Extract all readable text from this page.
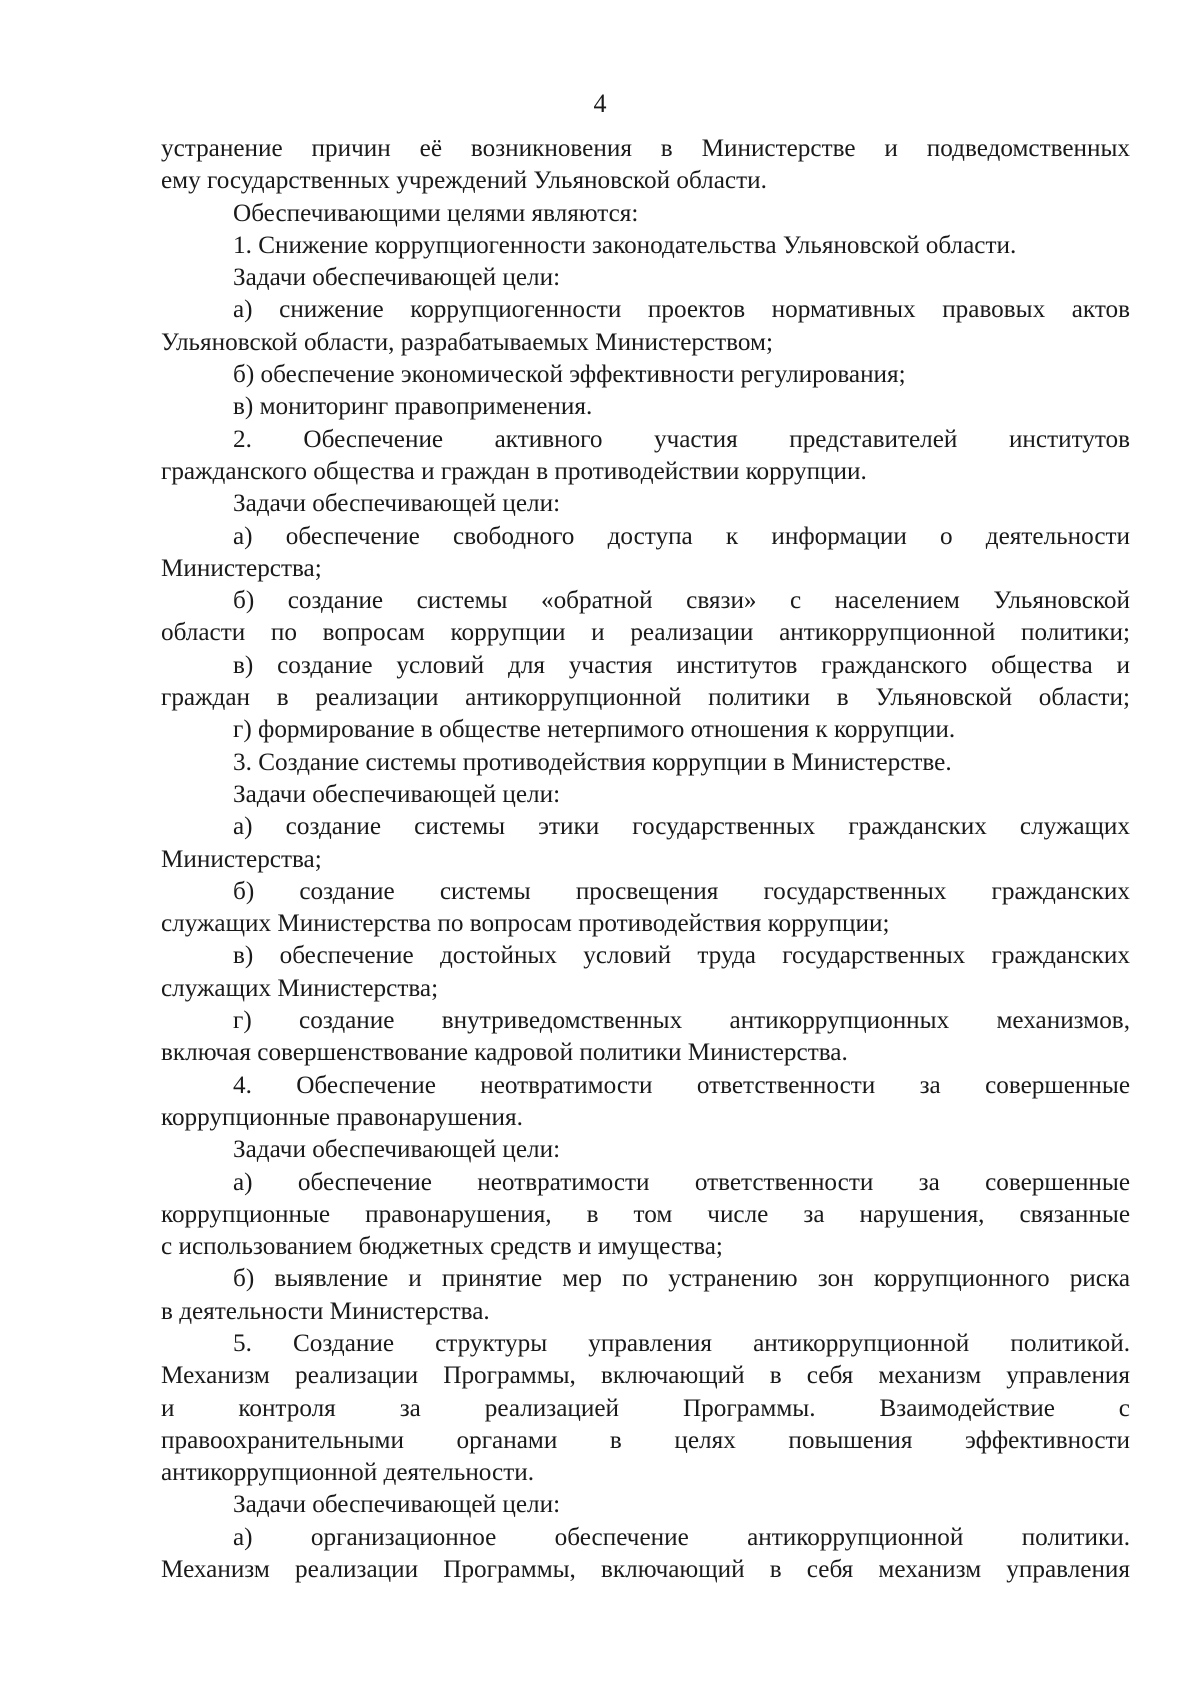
4
устранение причин её возникновения в Министерстве и подведомственных
ему государственных учреждений Ульяновской области.
Обеспечивающими целями являются:
1. Снижение коррупциогенности законодательства Ульяновской области.
Задачи обеспечивающей цели:
а) снижение коррупциогенности проектов нормативных правовых актов
Ульяновской области, разрабатываемых Министерством;
б) обеспечение экономической эффективности регулирования;
в) мониторинг правоприменения.
2. Обеспечение активного участия представителей институтов
гражданского общества и граждан в противодействии коррупции.
Задачи обеспечивающей цели:
а) обеспечение свободного доступа к информации о деятельности
Министерства;
б) создание системы «обратной связи» с населением Ульяновской
области по вопросам коррупции и реализации антикоррупционной политики;
в) создание условий для участия институтов гражданского общества и
граждан в реализации антикоррупционной политики в Ульяновской области;
г) формирование в обществе нетерпимого отношения к коррупции.
3. Создание системы противодействия коррупции в Министерстве.
Задачи обеспечивающей цели:
а) создание системы этики государственных гражданских служащих
Министерства;
б) создание системы просвещения государственных гражданских
служащих Министерства по вопросам противодействия коррупции;
в) обеспечение достойных условий труда государственных гражданских
служащих Министерства;
г) создание внутриведомственных антикоррупционных механизмов,
включая совершенствование кадровой политики Министерства.
4. Обеспечение неотвратимости ответственности за совершенные
коррупционные правонарушения.
Задачи обеспечивающей цели:
а) обеспечение неотвратимости ответственности за совершенные
коррупционные правонарушения, в том числе за нарушения, связанные
с использованием бюджетных средств и имущества;
б) выявление и принятие мер по устранению зон коррупционного риска
в деятельности Министерства.
5. Создание структуры управления антикоррупционной политикой.
Механизм реализации Программы, включающий в себя механизм управления
и контроля за реализацией Программы. Взаимодействие с
правоохранительными органами в целях повышения эффективности
антикоррупционной деятельности.
Задачи обеспечивающей цели:
а) организационное обеспечение антикоррупционной политики.
Механизм реализации Программы, включающий в себя механизм управления
